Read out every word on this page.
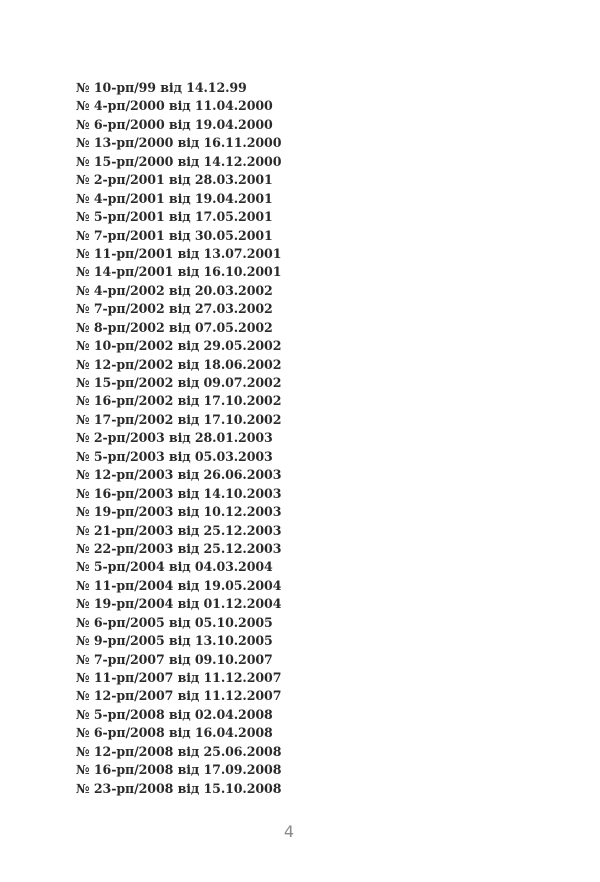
№ 10-рп/99 від 14.12.99
№ 4-рп/2000 від 11.04.2000
№ 6-рп/2000 від 19.04.2000
№ 13-рп/2000 від 16.11.2000
№ 15-рп/2000 від 14.12.2000
№ 2-рп/2001 від 28.03.2001
№ 4-рп/2001 від 19.04.2001
№ 5-рп/2001 від 17.05.2001
№ 7-рп/2001 від 30.05.2001
№ 11-рп/2001 від 13.07.2001
№ 14-рп/2001 від 16.10.2001
№ 4-рп/2002 від 20.03.2002
№ 7-рп/2002 від 27.03.2002
№ 8-рп/2002 від 07.05.2002
№ 10-рп/2002 від 29.05.2002
№ 12-рп/2002 від 18.06.2002
№ 15-рп/2002 від 09.07.2002
№ 16-рп/2002 від 17.10.2002
№ 17-рп/2002 від 17.10.2002
№ 2-рп/2003 від 28.01.2003
№ 5-рп/2003 від 05.03.2003
№ 12-рп/2003 від 26.06.2003
№ 16-рп/2003 від 14.10.2003
№ 19-рп/2003 від 10.12.2003
№ 21-рп/2003 від 25.12.2003
№ 22-рп/2003 від 25.12.2003
№ 5-рп/2004 від 04.03.2004
№ 11-рп/2004 від 19.05.2004
№ 19-рп/2004 від 01.12.2004
№ 6-рп/2005 від 05.10.2005
№ 9-рп/2005 від 13.10.2005
№ 7-рп/2007 від 09.10.2007
№ 11-рп/2007 від 11.12.2007
№ 12-рп/2007 від 11.12.2007
№ 5-рп/2008 від 02.04.2008
№ 6-рп/2008 від 16.04.2008
№ 12-рп/2008 від 25.06.2008
№ 16-рп/2008 від 17.09.2008
№ 23-рп/2008 від 15.10.2008
4
